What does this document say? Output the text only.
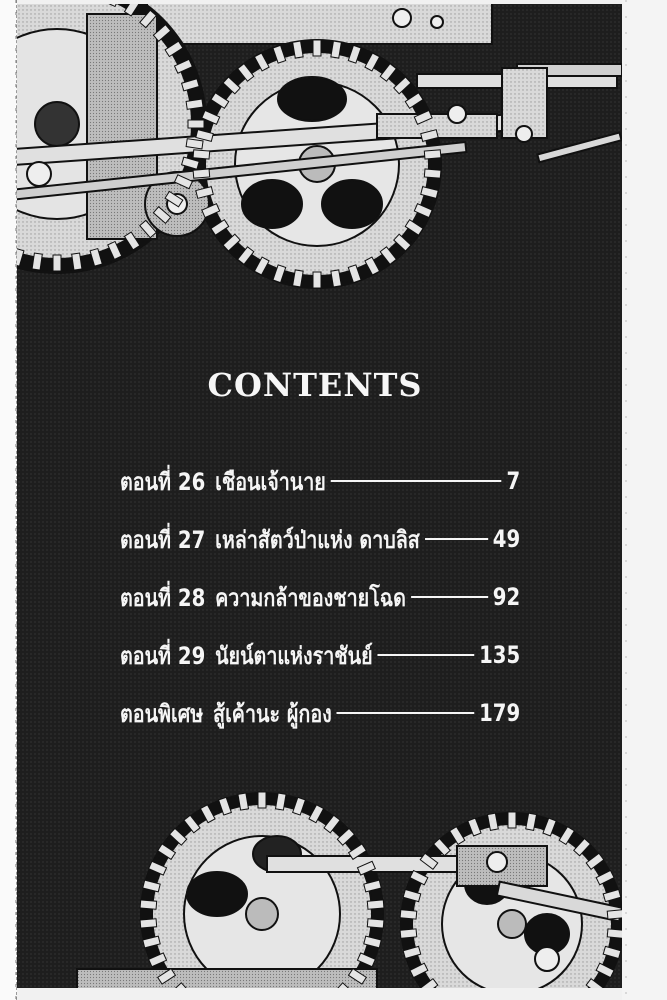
CONTENTS
ตอนที่ 26 เชือนเจ้านาย	7
ตอนที่ 27 เหล่าสัตว์ป่าแห่ง ดาบลิส	49
ตอนที่ 28 ความกล้าของชายโฉด	92
ตอนที่ 29 นัยน์ตาแห่งราชันย์	135
ตอนพิเศษ สู้เค้านะ ผู้กอง	179
